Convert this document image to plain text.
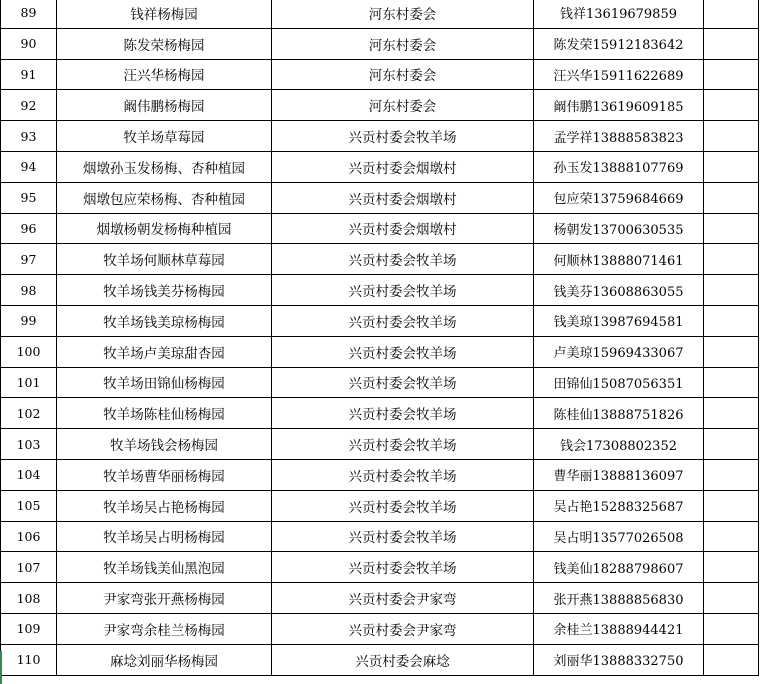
89	钱祥杨梅园	河东村委会	钱祥13619679859	
90	陈发荣杨梅园	河东村委会	陈发荣15912183642	
91	汪兴华杨梅园	河东村委会	汪兴华15911622689	
92	阚伟鹏杨梅园	河东村委会	阚伟鹏13619609185	
93	牧羊场草莓园	兴贡村委会牧羊场	孟学祥13888583823	
94	烟墩孙玉发杨梅、杏种植园	兴贡村委会烟墩村	孙玉发13888107769	
95	烟墩包应荣杨梅、杏种植园	兴贡村委会烟墩村	包应荣13759684669	
96	烟墩杨朝发杨梅种植园	兴贡村委会烟墩村	杨朝发13700630535	
97	牧羊场何顺林草莓园	兴贡村委会牧羊场	何顺林13888071461	
98	牧羊场钱美芬杨梅园	兴贡村委会牧羊场	钱美芬13608863055	
99	牧羊场钱美琼杨梅园	兴贡村委会牧羊场	钱美琼13987694581	
100	牧羊场卢美琼甜杏园	兴贡村委会牧羊场	卢美琼15969433067	
101	牧羊场田锦仙杨梅园	兴贡村委会牧羊场	田锦仙15087056351	
102	牧羊场陈桂仙杨梅园	兴贡村委会牧羊场	陈桂仙13888751826	
103	牧羊场钱会杨梅园	兴贡村委会牧羊场	钱会17308802352	
104	牧羊场曹华丽杨梅园	兴贡村委会牧羊场	曹华丽13888136097	
105	牧羊场吴占艳杨梅园	兴贡村委会牧羊场	吴占艳15288325687	
106	牧羊场吴占明杨梅园	兴贡村委会牧羊场	吴占明13577026508	
107	牧羊场钱美仙黑泡园	兴贡村委会牧羊场	钱美仙18288798607	
108	尹家弯张开燕杨梅园	兴贡村委会尹家弯	张开燕13888856830	
109	尹家弯余桂兰杨梅园	兴贡村委会尹家弯	余桂兰13888944421	
110	麻埝刘丽华杨梅园	兴贡村委会麻埝	刘丽华13888332750	
